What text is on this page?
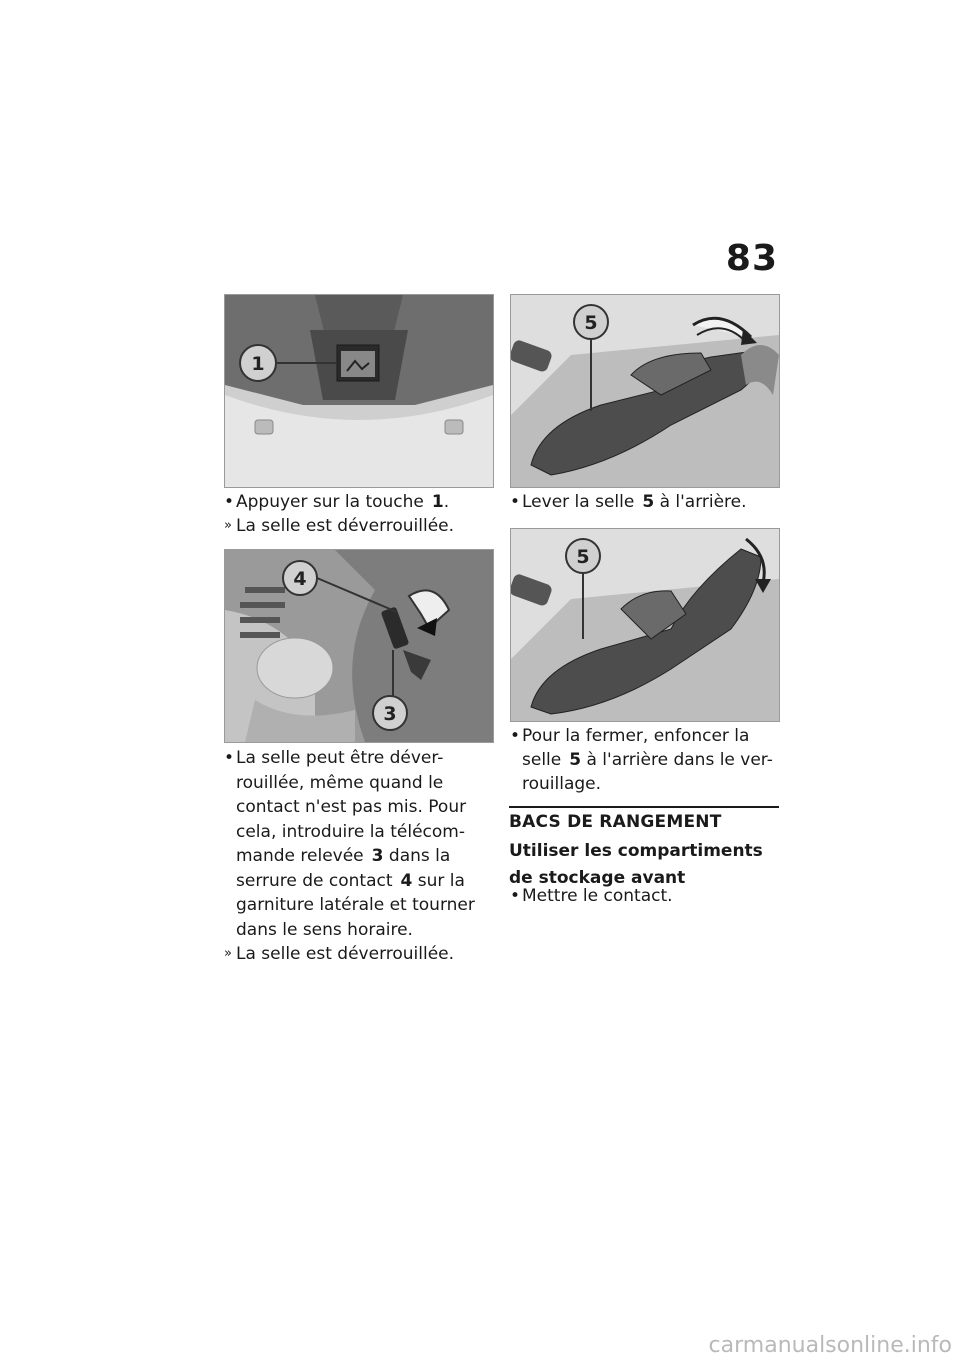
83
1
4
3
5
5
•
Appuyer sur la touche 1.
» La selle est déverrouillée.
•
La selle peut être déver-
rouillée, même quand le
contact n'est pas mis. Pour
cela, introduire la télécom-
mande relevée 3 dans la
serrure de contact 4 sur la
garniture latérale et tourner
dans le sens horaire.
» La selle est déverrouillée.
•
Lever la selle 5 à l'arrière.
•
Pour la fermer, enfoncer la
selle 5 à l'arrière dans le ver-
rouillage.
BACS DE RANGEMENT
Utiliser les compartiments de stockage avant
•
Mettre le contact.
carmanualsonline.info
